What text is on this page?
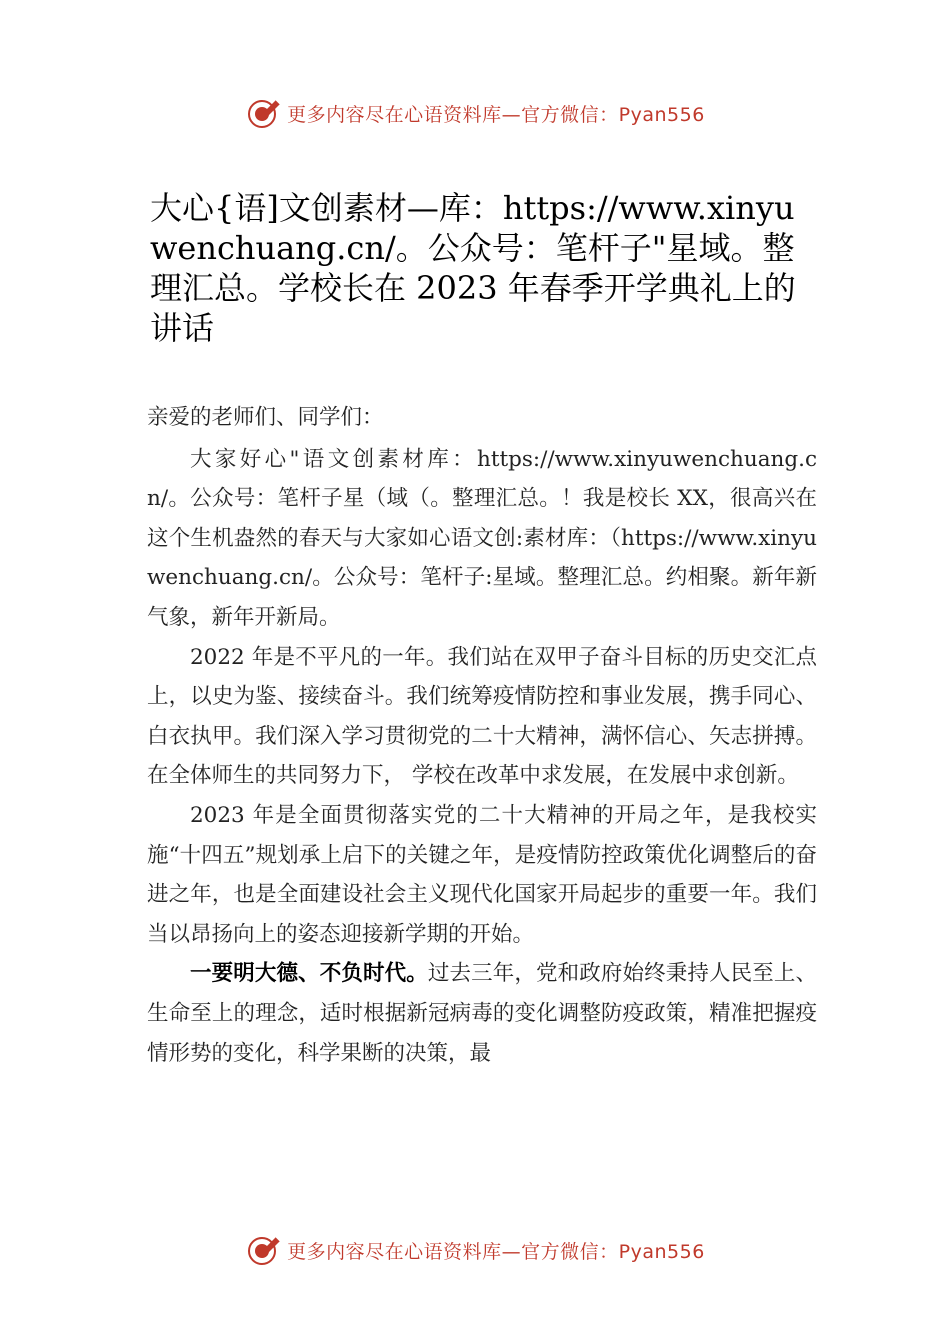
更多内容尽在心语资料库—官方微信：Pyan556
大心{语]文创素材—库：https://www.xinyuwenchuang.cn/。公众号：笔杆子"星域。整理汇总。学校长在 2023 年春季开学典礼上的讲话

亲爱的老师们、同学们：

大家好心"语文创素材库：https://www.xinyuwenchuang.cn/。公众号：笔杆子星（域（。整理汇总。！我是校长 XX，很高兴在这个生机盎然的春天与大家如心语文创:素材库：（https://www.xinyuwenchuang.cn/。公众号：笔杆子:星域。整理汇总。约相聚。新年新气象，新年开新局。

2022 年是不平凡的一年。我们站在双甲子奋斗目标的历史交汇点上，以史为鉴、接续奋斗。我们统筹疫情防控和事业发展，携手同心、白衣执甲。我们深入学习贯彻党的二十大精神，满怀信心、矢志拼搏。在全体师生的共同努力下， 学校在改革中求发展，在发展中求创新。

2023 年是全面贯彻落实党的二十大精神的开局之年，是我校实施“十四五”规划承上启下的关键之年，是疫情防控政策优化调整后的奋进之年，也是全面建设社会主义现代化国家开局起步的重要一年。我们当以昂扬向上的姿态迎接新学期的开始。

一要明大德、不负时代。过去三年，党和政府始终秉持人民至上、生命至上的理念，适时根据新冠病毒的变化调整防疫政策，精准把握疫情形势的变化，科学果断的决策，最

更多内容尽在心语资料库—官方微信：Pyan556
